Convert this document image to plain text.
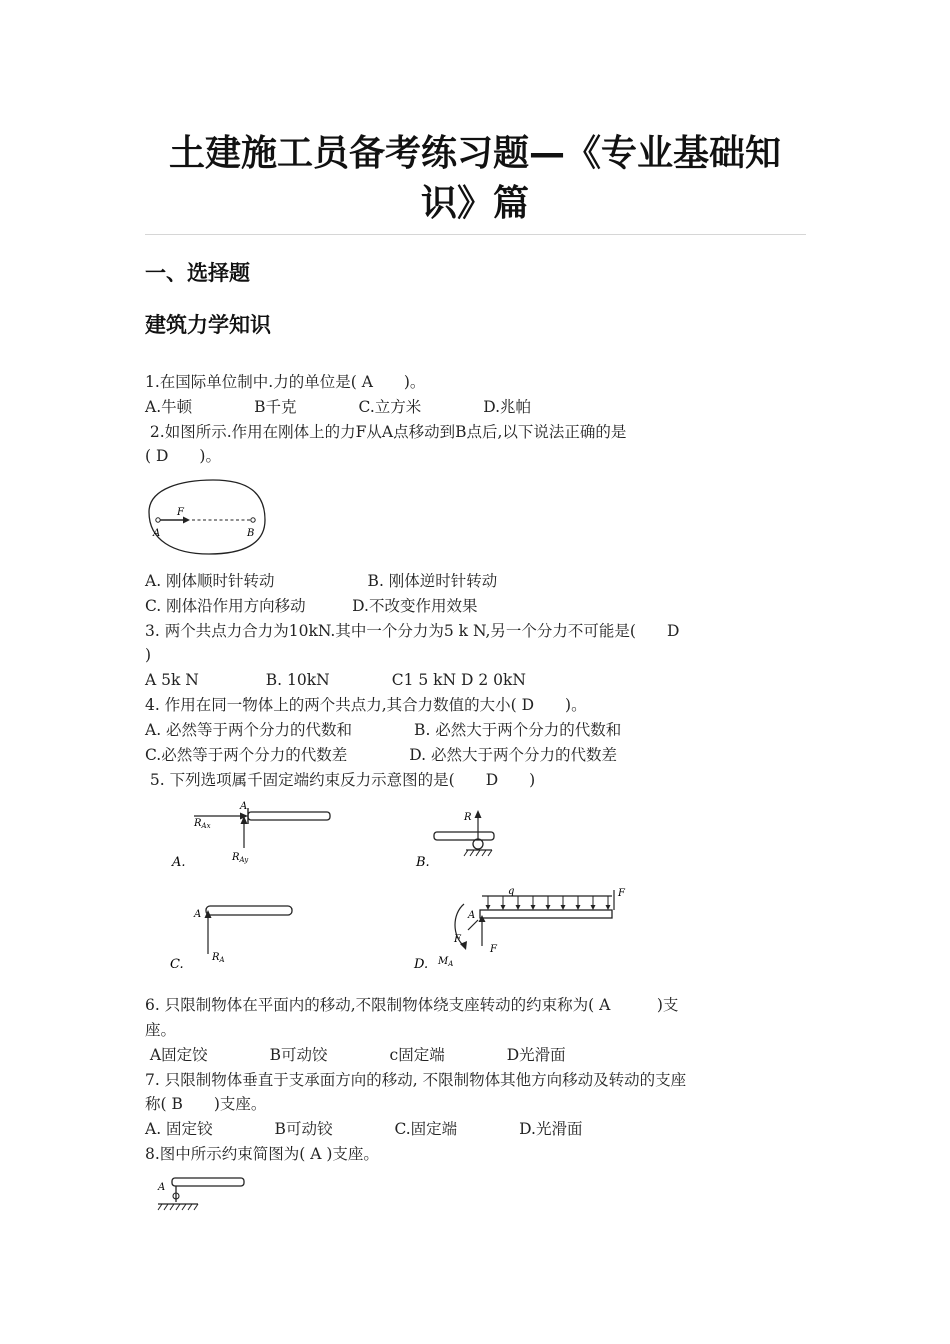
土建施工员备考练习题—《专业基础知
识》篇
一、选择题
建筑力学知识
1.在国际单位制中.力的单位是( A　　)。
A.牛顿　　　　B千克　　　　C.立方米　　　　D.兆帕
2.如图所示.作用在刚体上的力F从A点移动到B点后,以下说法正确的是
( D　　)。
F
A	B
A. 刚体顺时针转动　　　　　　B. 刚体逆时针转动
C. 刚体沿作用方向移动　　　D.不改变作用效果
3. 两个共点力合力为10kN.其中一个分力为5 k N,另一个分力不可能是(　　D
)
A 5k N　　　　 B. 10kN　　　　C1 5 kN D 2 0kN
4. 作用在同一物体上的两个共点力,其合力数值的大小( D　　)。
A. 必然等于两个分力的代数和　　　　B. 必然大于两个分力的代数和
C.必然等于两个分力的代数差　　　　D. 必然大于两个分力的代数差
5. 下列选项属千固定端约束反力示意图的是(　　D　　)
A
$R_{Ax}$
$R_{Ay}$
A.
R
B.
A
$R_A$
C.
q	F
F
F
A
$M_A$
D.
6. 只限制物体在平面内的移动,不限制物体绕支座转动的约束称为( A　　　)支
座。
A固定饺　　　　B可动饺　　　　c固定端　　　　D光滑面
7. 只限制物体垂直于支承面方向的移动, 不限制物体其他方向移动及转动的支座
称( B　　)支座。
A. 固定铰　　　　B可动铰　　　　C.固定端　　　　D.光滑面
8.图中所示约束简图为( A )支座。
A
